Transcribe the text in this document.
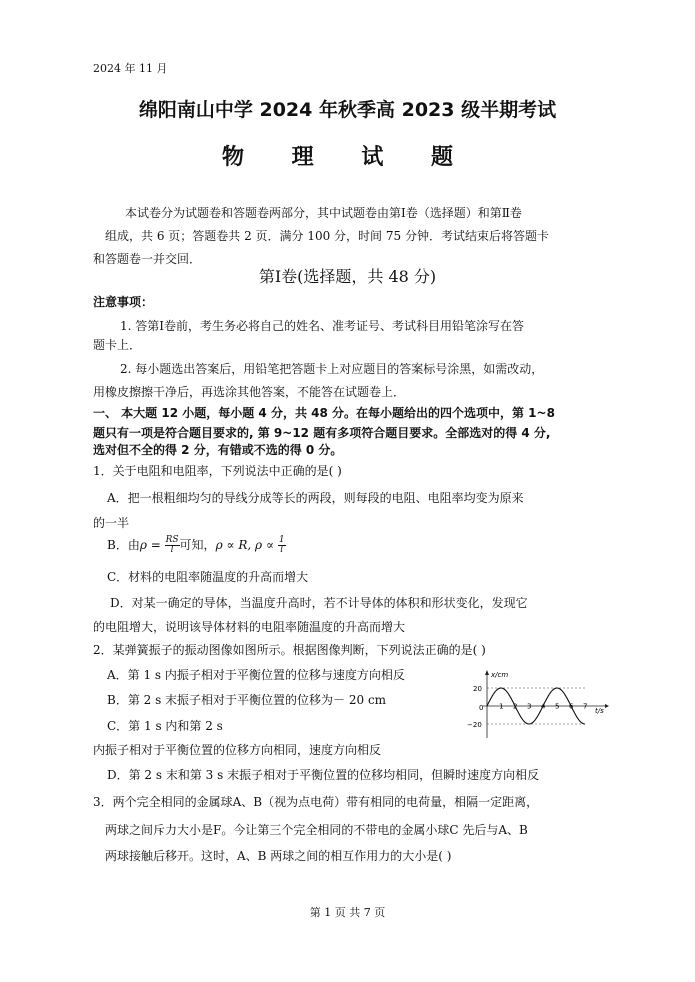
2024 年 11 月
绵阳南山中学 2024 年秋季高 2023 级半期考试
物 理 试 题
本试卷分为试题卷和答题卷两部分，其中试题卷由第Ⅰ卷（选择题）和第Ⅱ卷
组成，共 6 页；答题卷共 2 页．满分 100 分，时间 75 分钟．考试结束后将答题卡
和答题卷一并交回．
第Ⅰ卷(选择题，共 48 分)
注意事项：
1. 答第Ⅰ卷前，考生务必将自己的姓名、准考证号、考试科目用铅笔涂写在答
题卡上．
2. 每小题选出答案后，用铅笔把答题卡上对应题目的答案标号涂黑，如需改动，
用橡皮擦擦干净后，再选涂其他答案，不能答在试题卷上．
一、 本大题 12 小题，每小题 4 分，共 48 分。在每小题给出的四个选项中，第 1~8
题只有一项是符合题目要求的, 第 9~12 题有多项符合题目要求。全部选对的得 4 分,
选对但不全的得 2 分，有错或不选的得 0 分。
1．关于电阻和电阻率，下列说法中正确的是( )
A．把一根粗细均匀的导线分成等长的两段，则每段的电阻、电阻率均变为原来
的一半
B．由$\rho = \frac{RS}{l}$ 可知，ρ ∝ R, $\rho \propto \frac{1}{l}$
C．材料的电阻率随温度的升高而增大
D．对某一确定的导体，当温度升高时，若不计导体的体积和形状变化，发现它
的电阻增大，说明该导体材料的电阻率随温度的升高而增大
2．某弹簧振子的振动图像如图所示。根据图像判断，下列说法正确的是( )
A．第 1 s 内振子相对于平衡位置的位移与速度方向相反
B．第 2 s 末振子相对于平衡位置的位移为－ 20 cm
C．第 1 s 内和第 2 s
内振子相对于平衡位置的位移方向相同，速度方向相反
D．第 2 s 末和第 3 s 末振子相对于平衡位置的位移均相同，但瞬时速度方向相反
x/cm
t/s
20
0
−20
1 2 3 4 5 6 7
3．两个完全相同的金属球A、B（视为点电荷）带有相同的电荷量，相隔一定距离，
两球之间斥力大小是F。今让第三个完全相同的不带电的金属小球C 先后与A、B
两球接触后移开。这时，A、B 两球之间的相互作用力的大小是( )
第 1 页 共 7 页
